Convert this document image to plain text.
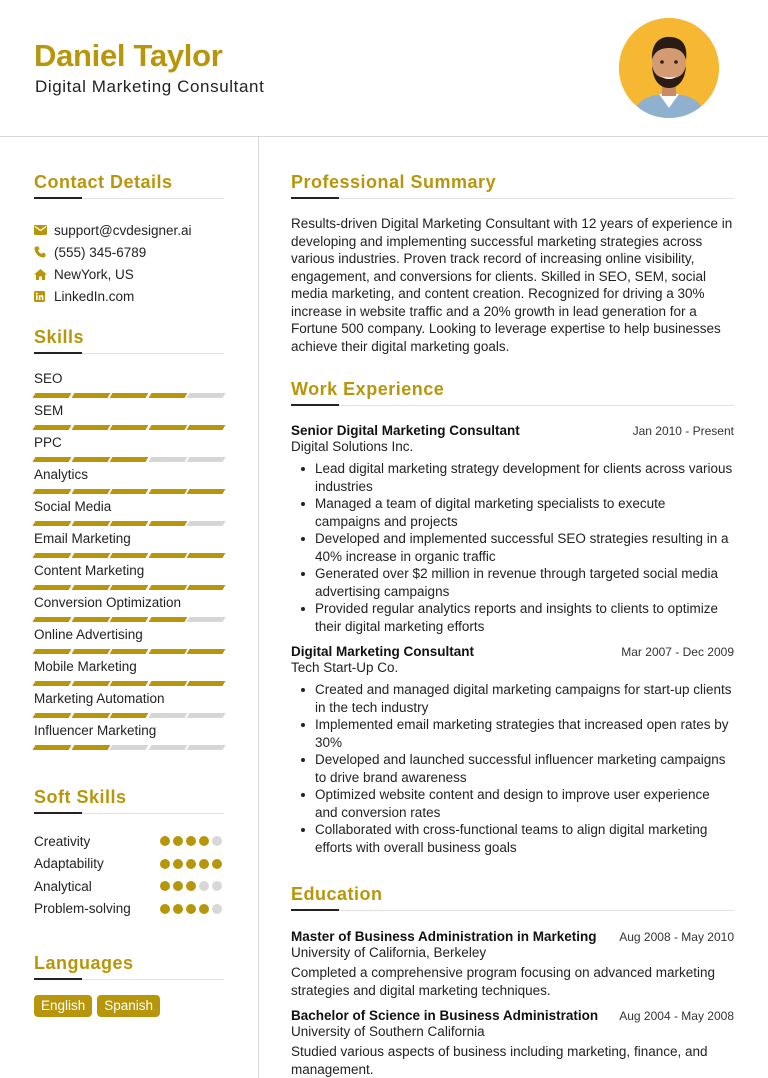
Daniel Taylor
Digital Marketing Consultant
Contact Details
support@cvdesigner.ai
(555) 345-6789
NewYork, US
LinkedIn.com
Skills
SEO
SEM
PPC
Analytics
Social Media
Email Marketing
Content Marketing
Conversion Optimization
Online Advertising
Mobile Marketing
Marketing Automation
Influencer Marketing
Soft Skills
Creativity
Adaptability
Analytical
Problem-solving
Languages
English	Spanish
Professional Summary
Results-driven Digital Marketing Consultant with 12 years of experience in developing and implementing successful marketing strategies across various industries. Proven track record of increasing online visibility, engagement, and conversions for clients. Skilled in SEO, SEM, social media marketing, and content creation. Recognized for driving a 30% increase in website traffic and a 20% growth in lead generation for a Fortune 500 company. Looking to leverage expertise to help businesses achieve their digital marketing goals.
Work Experience
Senior Digital Marketing Consultant	Jan 2010 - Present
Digital Solutions Inc.
Lead digital marketing strategy development for clients across various industries
Managed a team of digital marketing specialists to execute campaigns and projects
Developed and implemented successful SEO strategies resulting in a 40% increase in organic traffic
Generated over $2 million in revenue through targeted social media advertising campaigns
Provided regular analytics reports and insights to clients to optimize their digital marketing efforts
Digital Marketing Consultant	Mar 2007 - Dec 2009
Tech Start-Up Co.
Created and managed digital marketing campaigns for start-up clients in the tech industry
Implemented email marketing strategies that increased open rates by 30%
Developed and launched successful influencer marketing campaigns to drive brand awareness
Optimized website content and design to improve user experience and conversion rates
Collaborated with cross-functional teams to align digital marketing efforts with overall business goals
Education
Master of Business Administration in Marketing Aug 2008 - May 2010
University of California, Berkeley
Completed a comprehensive program focusing on advanced marketing strategies and digital marketing techniques.
Bachelor of Science in Business Administration Aug 2004 - May 2008
University of Southern California
Studied various aspects of business including marketing, finance, and management.
